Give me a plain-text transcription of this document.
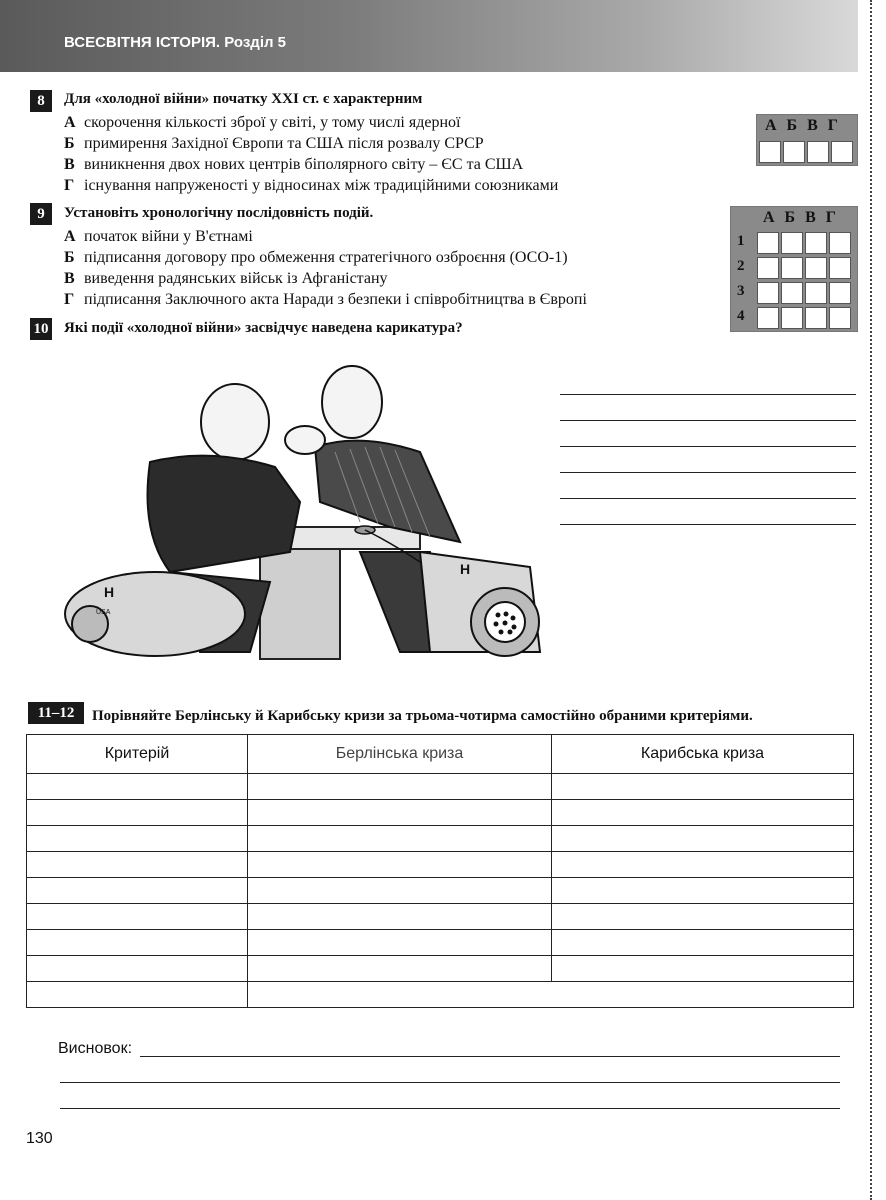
ВСЕСВІТНЯ ІСТОРІЯ. Розділ 5
8	Для «холодної війни» початку XXI ст. є характерним
А скорочення кількості зброї у світі, у тому числі ядерної
Б примирення Західної Європи та США після розвалу СРСР
В виникнення двох нових центрів біполярного світу – ЄС та США
Г існування напруженості у відносинах між традиційними союзниками
А Б В Г
9	Установіть хронологічну послідовність подій.
А початок війни у В'єтнамі
Б підписання договору про обмеження стратегічного озброєння (ОСО-1)
В виведення радянських військ із Афганістану
Г підписання Заключного акта Наради з безпеки і співробітництва в Європі
А Б В Г
1
2
3
4
10 Які події «холодної війни» засвідчує наведена карикатура?
H
USA
H
11–12	Порівняйте Берлінську й Карибську кризи за трьома-чотирма самостійно обраними критеріями.
Критерій	Берлінська криза	Карибська криза

Висновок:
130
